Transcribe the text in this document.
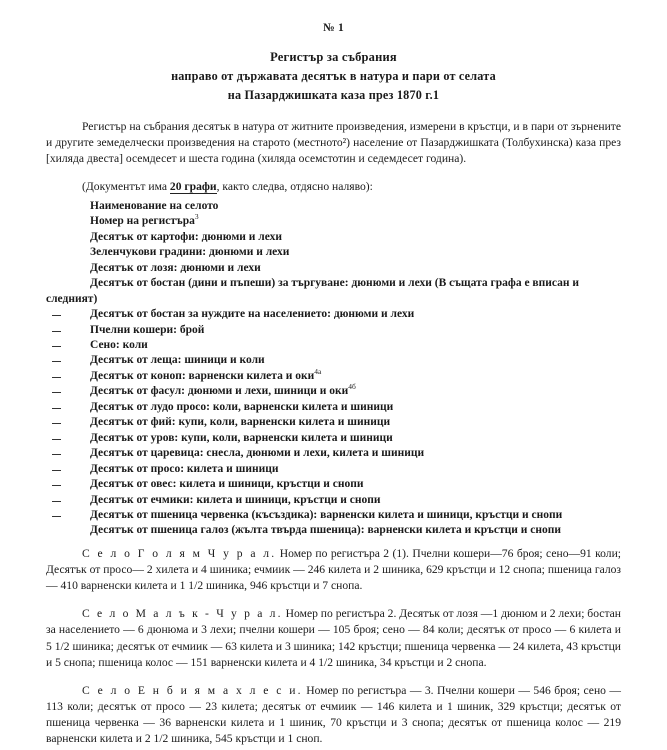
№ 1
Регистър за събрания
направо от държавата десятък в натура и пари от селата
на Пазарджишката каза през 1870 г.1

Регистър на събрания десятък в натура от житните произведения, измерени в кръстци, и в пари от зърнените и другите земеделчески произведения на старото (местното²) население от Пазарджишката (Толбухинска) каза през [хиляда двеста] осемдесет и шеста година (хиляда осемстотин и седемдесет година).

(Документът има 20 графи, както следва, отдясно наляво):

Наименование на селото
Номер на регистъра$^3$
Десятък от картофи: дюнюми и лехи
Зеленчукови градини: дюнюми и лехи
Десятък от лозя: дюнюми и лехи
Десятък от бостан (дини и пъпеши) за търгуване: дюнюми и лехи (В същата графа е вписан и следният)
Десятък от бостан за нуждите на населението: дюнюми и лехи
Пчелни кошери: брой
Сено: коли
Десятък от леща: шиници и коли
Десятък от коноп: варненски килета и оки$^{4а}$
Десятък от фасул: дюнюми и лехи, шиници и оки$^{4б}$
Десятък от лудо просо: коли, варненски килета и шиници
Десятък от фий: купи, коли, варненски килета и шиници
Десятък от уров: купи, коли, варненски килета и шиници
Десятък от царевица: снесла, дюнюми и лехи, килета и шиници
Десятък от просо: килета и шиници
Десятък от овес: килета и шиници, кръстци и снопи
Десятък от ечмики: килета и шиници, кръстци и снопи
Десятък от пшеница червенка (късъздика): варненски килета и шиници, кръстци и снопи
Десятък от пшеница галоз (жълта твърда пшеница): варненски килета и кръстци и снопи

С е л о Г о л я м Ч у р а л. Номер по регистъра 2 (1). Пчелни кошери—76 броя; сено—91 коли; Десятък от просо— 2 хилета и 4 шиника; ечмиик — 246 килета и 2 шиника, 629 кръстци и 12 снопа; пшеница галоз — 410 варненски килета и 1 1/2 шиника, 946 кръстци и 7 снопа.

С е л о М а л ъ к - Ч у р а л. Номер по регистъра 2. Десятък от лозя —1 дюнюм и 2 лехи; бостан за населението — 6 дюнюма и 3 лехи; пчелни кошери — 105 броя; сено — 84 коли; десятък от просо — 6 килета и 5 1/2 шиника; десятък от ечмиик — 63 килета и 3 шиника; 142 кръстци; пшеница червенка — 24 килета, 43 кръстци и 5 снопа; пшеница колос — 151 варненски килета и 4 1/2 шиника, 34 кръстци и 2 снопа.

С е л о Е н б и я м а х л е с и. Номер по регистъра — 3. Пчелни кошери — 546 броя; сено — 113 коли; десятък от просо — 23 килета; десятък от ечмиик — 146 килета и 1 шиник, 329 кръстци; десятък от пшеница червенка — 36 варненски килета и 1 шиник, 70 кръстци и 3 снопа; десятък от пшеница колос — 219 варненски килета и 2 1/2 шиника, 545 кръстци и 1 сноп.
